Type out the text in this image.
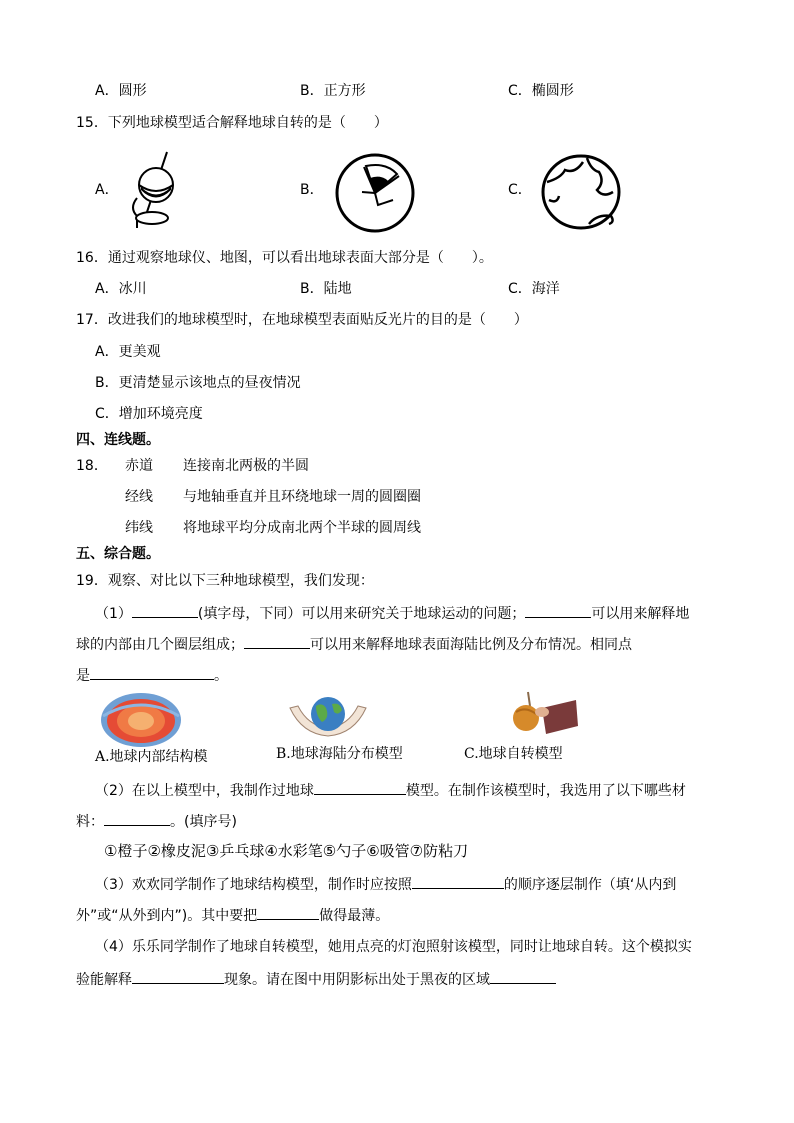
A．圆形	B．正方形	C．椭圆形
15．下列地球模型适合解释地球自转的是（　　）
A．	B．	C．
16．通过观察地球仪、地图，可以看出地球表面大部分是（　　）。
A．冰川	B．陆地	C．海洋
17．改进我们的地球模型时，在地球模型表面贴反光片的目的是（　　）
A．更美观
B．更清楚显示该地点的昼夜情况
C．增加环境亮度
四、连线题。
18． 赤道 连接南北两极的半圆
经线 与地轴垂直并且环绕地球一周的圆圈圈
纬线 将地球平均分成南北两个半球的圆周线
五、综合题。
19．观察、对比以下三种地球模型，我们发现：
（1）	(填字母，下同）可以用来研究关于地球运动的问题；	可以用来解释地
球的内部由几个圈层组成；	可以用来解释地球表面海陆比例及分布情况。相同点
是	。
A.地球内部结构模	B.地球海陆分布模型	C.地球自转模型
（2）在以上模型中，我制作过地球	模型。在制作该模型时，我选用了以下哪些材
料：	。(填序号)
①橙子②橡皮泥③乒乓球④水彩笔⑤勺子⑥吸管⑦防粘刀
（3）欢欢同学制作了地球结构模型，制作时应按照	的顺序逐层制作（填‘从内到
外”或“从外到内”)。其中要把	做得最薄。
（4）乐乐同学制作了地球自转模型，她用点亮的灯泡照射该模型，同时让地球自转。这个模拟实
验能解释	现象。请在图中用阴影标出处于黑夜的区域
